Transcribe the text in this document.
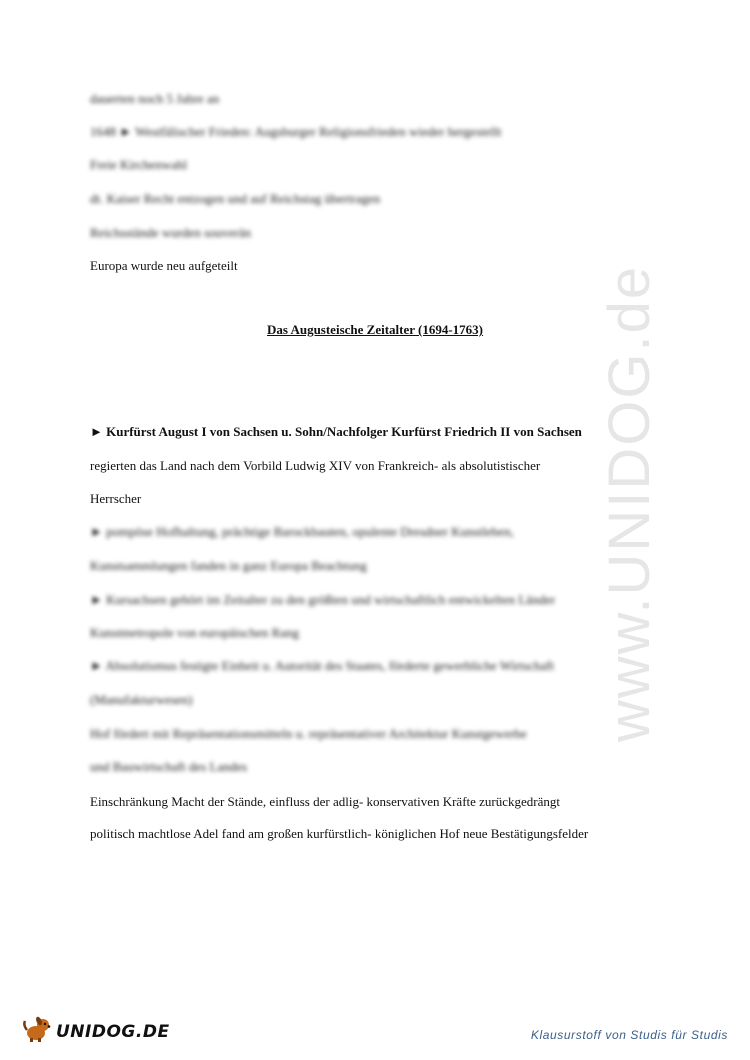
www.UNIDOG.de
dauerten noch 5 Jahre an
1648 ► Westfälischer Frieden: Augsburger Religionsfrieden wieder hergestellt
Freie Kirchenwahl
dt. Kaiser Recht entzogen und auf Reichstag übertragen
Reichsstände wurden souverän
Europa wurde neu aufgeteilt
Das Augusteische Zeitalter (1694-1763)
► Kurfürst August I von Sachsen u. Sohn/Nachfolger Kurfürst Friedrich II von Sachsen
regierten das Land nach dem Vorbild Ludwig XIV von Frankreich- als absolutistischer
Herrscher
► pompöse Hofhaltung, prächtige Barockbauten, opulente Dresdner Kunstleben,
Kunstsammlungen fanden in ganz Europa Beachtung
► Kursachsen gehört im Zeitalter zu den größten und wirtschaftlich entwickelten Länder
Kunstmetropole von europäischen Rang
► Absolutismus festigte Einheit u. Autorität des Staates, förderte gewerbliche Wirtschaft
(Manufakturwesen)
Hof fördert mit Repräsentationsmitteln u. repräsentativer Architektur Kunstgewerbe
und Bauwirtschaft des Landes
Einschränkung Macht der Stände, einfluss der adlig- konservativen Kräfte zurückgedrängt
politisch machtlose Adel fand am großen kurfürstlich- königlichen Hof neue Bestätigungsfelder
UNIDOG.DE	Klausurstoff von Studis für Studis
